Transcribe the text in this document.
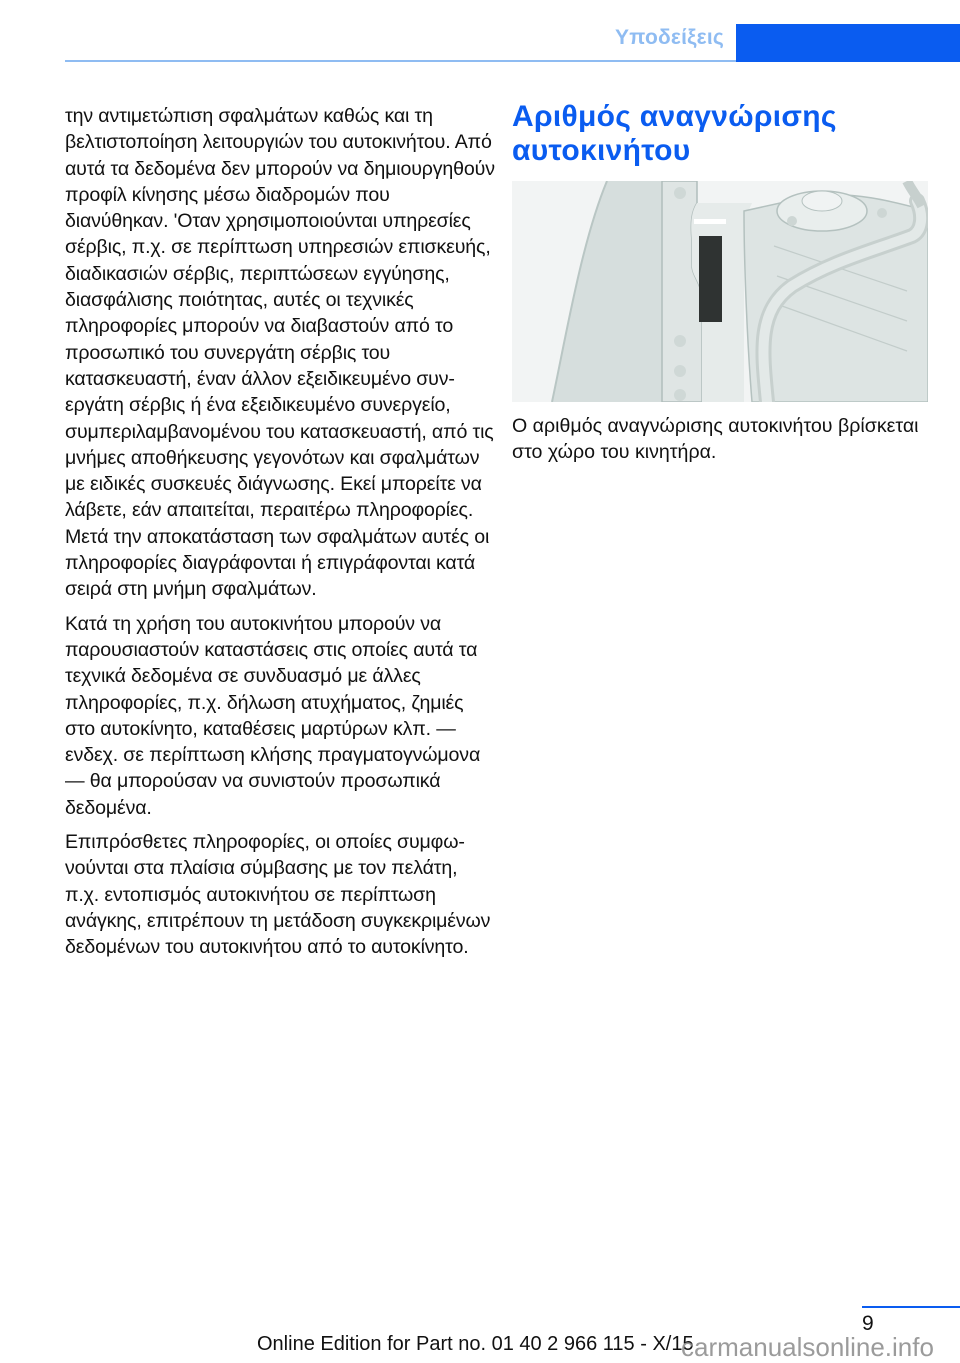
Υποδείξεις

την αντιμετώπιση σφαλμάτων καθώς και τη βελτιστοποίηση λειτουργιών του αυτοκινήτου. Από αυτά τα δεδομένα δεν μπορούν να δημιουργηθούν προφίλ κίνησης μέσω διαδρομών που διανύθηκαν. 'Οταν χρησιμοποιούνται υπηρεσίες σέρβις, π.χ. σε περίπτωση υπηρεσιών επισκευής, διαδικασιών σέρβις, περιπτώσεων εγγύησης, διασφάλισης ποιότητας, αυτές οι τεχνικές πληροφορίες μπορούν να διαβαστούν από το προσωπικό του συνεργάτη σέρβις του κατασκευαστή, έναν άλλον εξειδικευμένο συνεργάτη σέρβις ή ένα εξειδικευμένο συνεργείο, συμπεριλαμβανομένου του κατασκευαστή, από τις μνήμες αποθήκευσης γεγονότων και σφαλμάτων με ειδικές συσκευές διάγνωσης. Εκεί μπορείτε να λάβετε, εάν απαιτείται, περαιτέρω πληροφορίες. Μετά την αποκατάσταση των σφαλμάτων αυτές οι πληροφορίες διαγράφονται ή επιγράφονται κατά σειρά στη μνήμη σφαλμάτων.

Κατά τη χρήση του αυτοκινήτου μπορούν να παρουσιαστούν καταστάσεις στις οποίες αυτά τα τεχνικά δεδομένα σε συνδυασμό με άλλες πληροφορίες, π.χ. δήλωση ατυχήματος, ζημιές στο αυτοκίνητο, καταθέσεις μαρτύρων κλπ. — ενδεχ. σε περίπτωση κλήσης πραγματογνώμονα — θα μπορούσαν να συνιστούν προσωπικά δεδομένα.

Επιπρόσθετες πληροφορίες, οι οποίες συμφωνούνται στα πλαίσια σύμβασης με τον πελάτη, π.χ. εντοπισμός αυτοκινήτου σε περίπτωση ανάγκης, επιτρέπουν τη μετάδοση συγκεκριμένων δεδομένων του αυτοκινήτου από το αυτοκίνητο.

Αριθμός αναγνώρισης αυτοκινήτου

Ο αριθμός αναγνώρισης αυτοκινήτου βρίσκεται στο χώρο του κινητήρα.

9
Online Edition for Part no. 01 40 2 966 115 - X/15
carmanualsonline.info
